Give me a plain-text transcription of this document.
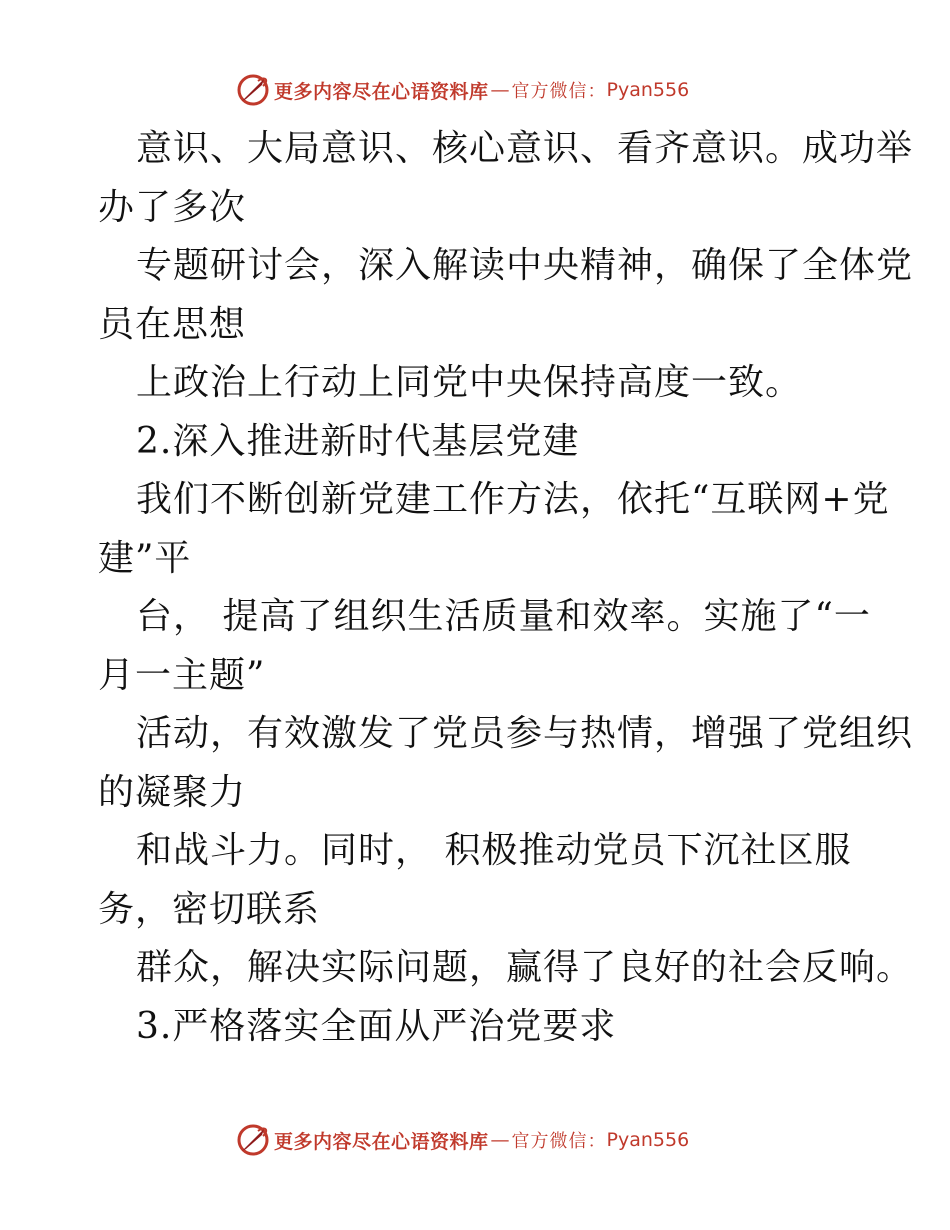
更多内容尽在心语资料库 — 官方微信： Pyan556
意识、大局意识、核心意识、看齐意识。成功举
办了多次
专题研讨会，深入解读中央精神，确保了全体党
员在思想
上政治上行动上同党中央保持高度一致。
2.深入推进新时代基层党建
我们不断创新党建工作方法，依托“互联网+党
建”平
台， 提高了组织生活质量和效率。实施了“一
月一主题”
活动，有效激发了党员参与热情，增强了党组织
的凝聚力
和战斗力。同时， 积极推动党员下沉社区服
务，密切联系
群众，解决实际问题，赢得了良好的社会反响。
3.严格落实全面从严治党要求
更多内容尽在心语资料库 — 官方微信： Pyan556
